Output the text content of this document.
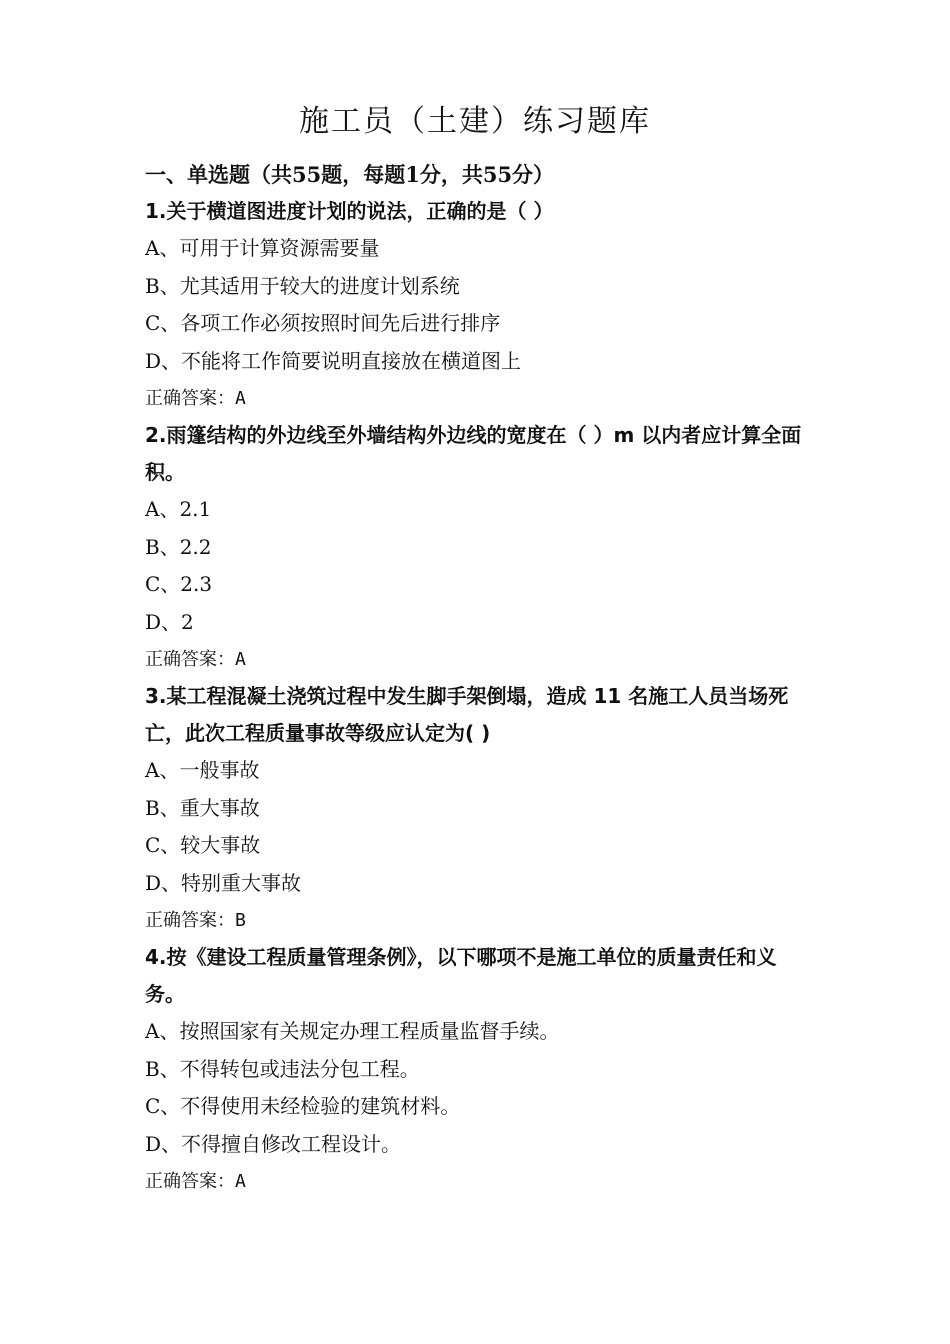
施工员（土建）练习题库
一、单选题（共55题，每题1分，共55分）

1.关于横道图进度计划的说法，正确的是（ ）

A、可用于计算资源需要量
B、尤其适用于较大的进度计划系统
C、各项工作必须按照时间先后进行排序
D、不能将工作简要说明直接放在横道图上
正确答案：A

2.雨篷结构的外边线至外墙结构外边线的宽度在（ ）m 以内者应计算全面积。

A、2.1
B、2.2
C、2.3
D、2
正确答案：A

3.某工程混凝土浇筑过程中发生脚手架倒塌，造成 11 名施工人员当场死亡，此次工程质量事故等级应认定为( )

A、一般事故
B、重大事故
C、较大事故
D、特别重大事故
正确答案：B

4.按《建设工程质量管理条例》，以下哪项不是施工单位的质量责任和义务。

A、按照国家有关规定办理工程质量监督手续。
B、不得转包或违法分包工程。
C、不得使用未经检验的建筑材料。
D、不得擅自修改工程设计。
正确答案：A
